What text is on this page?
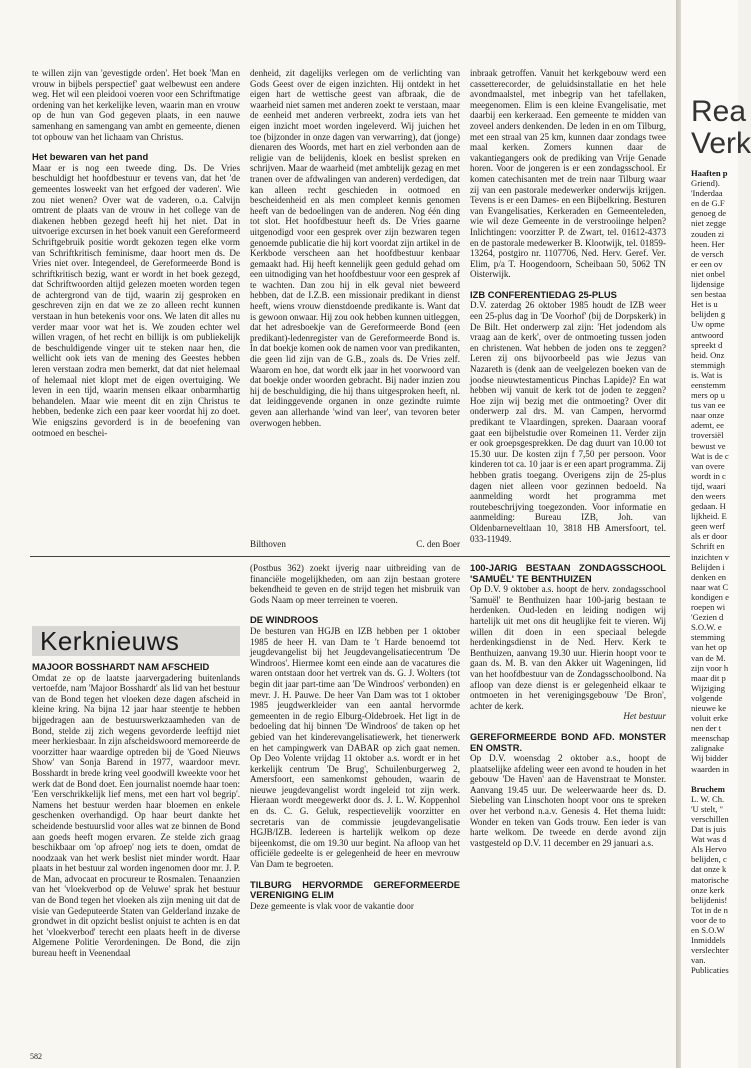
te willen zijn van 'gevestigde orden'. Het boek 'Man en vrouw in bijbels perspectief' gaat welbewust een andere weg. Het wil een pleidooi voeren voor een Schriftmatige ordening van het kerkelijke leven, waarin man en vrouw op de hun van God gegeven plaats, in een nauwe samenhang en samengang van ambt en gemeente, dienen tot opbouw van het lichaam van Christus.

Het bewaren van het pand

Maar er is nog een tweede ding. Ds. De Vries beschuldigt het hoofdbestuur er tevens van, dat het 'de gemeentes losweekt van het erfgoed der vaderen'. Wie zou niet wenen? Over wat de vaderen, o.a. Calvijn omtrent de plaats van de vrouw in het college van de diakenen hebben gezegd heeft hij het niet. Dat in uitvoerige excursen in het boek vanuit een Gereformeerd Schriftgebruik positie wordt gekozen tegen elke vorm van Schriftkritisch feminisme, daar hoort men ds. De Vries niet over. Integendeel, de Gereformeerde Bond is schriftkritisch bezig, want er wordt in het boek gezegd, dat Schriftwoorden altijd gelezen moeten worden tegen de achtergrond van de tijd, waarin zij gesproken en geschreven zijn en dat we ze zo alleen recht kunnen verstaan in hun betekenis voor ons. We laten dit alles nu verder maar voor wat het is. We zouden echter wel willen vragen, of het recht en billijk is om publiekelijk de beschuldigende vinger uit te steken naar hen, die wellicht ook iets van de mening des Geestes hebben leren verstaan zodra men bemerkt, dat dat niet helemaal of helemaal niet klopt met de eigen overtuiging. We leven in een tijd, waarin mensen elkaar onbarmhartig behandelen. Maar wie meent dit en zijn Christus te hebben, bedenke zich een paar keer voordat hij zo doet. Wie enigszins gevorderd is in de beoefening van ootmoed en beschei-

denheid, zit dagelijks verlegen om de verlichting van Gods Geest over de eigen inzichten. Hij ontdekt in het eigen hart de wettische geest van afbraak, die de waarheid niet samen met anderen zoekt te verstaan, maar de eenheid met anderen verbreekt, zodra iets van het eigen inzicht moet worden ingeleverd. Wij juichen het toe (bijzonder in onze dagen van verwarring), dat (jonge) dienaren des Woords, met hart en ziel verbonden aan de religie van de belijdenis, kloek en beslist spreken en schrijven. Maar de waarheid (met ambtelijk gezag en met tranen over de afdwalingen van anderen) verdedigen, dat kan alleen recht geschieden in ootmoed en bescheidenheid en als men compleet kennis genomen heeft van de bedoelingen van de anderen. Nog één ding tot slot. Het hoofdbestuur heeft ds. De Vries gaarne uitgenodigd voor een gesprek over zijn bezwaren tegen genoemde publicatie die hij kort voordat zijn artikel in de Kerkbode verscheen aan het hoofdbestuur kenbaar gemaakt had. Hij heeft kennelijk geen geduld gehad om een uitnodiging van het hoofdbestuur voor een gesprek af te wachten. Dan zou hij in elk geval niet beweerd hebben, dat de I.Z.B. een missionair predikant in dienst heeft, wiens vrouw dienstdoende predikante is. Want dat is gewoon onwaar. Hij zou ook hebben kunnen uitleggen, dat het adresboekje van de Gereformeerde Bond (een predikant)-ledenregister van de Gereformeerde Bond is. In dat boekje komen ook de namen voor van predikanten, die geen lid zijn van de G.B., zoals ds. De Vries zelf. Waarom en hoe, dat wordt elk jaar in het voorwoord van dat boekje onder woorden gebracht. Bij nader inzien zou hij de beschuldiging, die hij thans uitgesproken heeft, nl. dat leidinggevende organen in onze gezindte ruimte geven aan allerhande 'wind van leer', van tevoren beter overwogen hebben.

Bilthoven	C. den Boer

inbraak getroffen. Vanuit het kerkgebouw werd een cassetterecorder, de geluidsinstallatie en het hele avondmaalstel, met inbegrip van het tafellaken, meegenomen. Elim is een kleine Evangelisatie, met daarbij een kerkeraad. Een gemeente te midden van zoveel anders denkenden. De leden in en om Tilburg, met een straal van 25 km, kunnen daar zondags twee maal kerken. Zomers kunnen daar de vakantiegangers ook de prediking van Vrije Genade horen. Voor de jongeren is er een zondagsschool. Er komen catechisanten met de trein naar Tilburg waar zij van een pastorale medewerker onderwijs krijgen. Tevens is er een Dames- en een Bijbelkring. Besturen van Evangelisaties, Kerkeraden en Gemeenteleden, wie wil deze Gemeente in de verstrooiinge helpen? Inlichtingen: voorzitter P. de Zwart, tel. 01612-4373 en de pastorale medewerker B. Klootwijk, tel. 01859-13264, postgiro nr. 1107706, Ned. Herv. Geref. Ver. Elim, p/a T. Hoogendoorn, Scheibaan 50, 5062 TN Oisterwijk.

IZB CONFERENTIEDAG 25-PLUS

D.V. zaterdag 26 oktober 1985 houdt de IZB weer een 25-plus dag in 'De Voorhof' (bij de Dorpskerk) in De Bilt. Het onderwerp zal zijn: 'Het jodendom als vraag aan de kerk', over de ontmoeting tussen joden en christenen. Wat hebben de joden ons te zeggen? Leren zij ons bijvoorbeeld pas wie Jezus van Nazareth is (denk aan de veelgelezen boeken van de joodse nieuwtestamenticus Pinchas Lapide)? En wat hebben wij vanuit de kerk tot de joden te zeggen? Hoe zijn wij bezig met die ontmoeting? Over dit onderwerp zal drs. M. van Campen, hervormd predikant te Vlaardingen, spreken. Daaraan vooraf gaat een bijbelstudie over Romeinen 11. Verder zijn er ook groepsgesprekken. De dag duurt van 10.00 tot 15.30 uur. De kosten zijn f 7,50 per persoon. Voor kinderen tot ca. 10 jaar is er een apart programma. Zij hebben gratis toegang. Overigens zijn de 25-plus dagen niet alleen voor gezinnen bedoeld. Na aanmelding wordt het programma met routebeschrijving toegezonden. Voor informatie en aanmelding: Bureau IZB, Joh. van Oldenbarneveltlaan 10, 3818 HB Amersfoort, tel. 033-11949.

Kerknieuws

MAJOOR BOSSHARDT NAM AFSCHEID

Omdat ze op de laatste jaarvergadering buitenlands vertoefde, nam 'Majoor Bosshardt' als lid van het bestuur van de Bond tegen het vloeken deze dagen afscheid in kleine kring. Na bijna 12 jaar haar steentje te hebben bijgedragen aan de bestuurswerkzaamheden van de Bond, stelde zij zich wegens gevorderde leeftijd niet meer herkiesbaar. In zijn afscheidswoord memoreerde de voorzitter haar waardige optreden bij de 'Goed Nieuws Show' van Sonja Barend in 1977, waardoor mevr. Bosshardt in brede kring veel goodwill kweekte voor het werk dat de Bond doet. Een journalist noemde haar toen: 'Een verschrikkelijk lief mens, met een hart vol begrip'. Namens het bestuur werden haar bloemen en enkele geschenken overhandigd. Op haar beurt dankte het scheidende bestuurslid voor alles wat ze binnen de Bond aan goeds heeft mogen ervaren. Ze stelde zich graag beschikbaar om 'op afroep' nog iets te doen, omdat de noodzaak van het werk beslist niet minder wordt. Haar plaats in het bestuur zal worden ingenomen door mr. J. P. de Man, advocaat en procureur te Rosmalen. Tenaanzien van het 'vloekverbod op de Veluwe' sprak het bestuur van de Bond tegen het vloeken als zijn mening uit dat de visie van Gedeputeerde Staten van Gelderland inzake de grondwet in dit opzicht beslist onjuist te achten is en dat het 'vloekverbod' terecht een plaats heeft in de diverse Algemene Politie Verordeningen. De Bond, die zijn bureau heeft in Veenendaal

(Postbus 362) zoekt ijverig naar uitbreiding van de financiële mogelijkheden, om aan zijn bestaan grotere bekendheid te geven en de strijd tegen het misbruik van Gods Naam op meer terreinen te voeren.

DE WINDROOS

De besturen van HGJB en IZB hebben per 1 oktober 1985 de heer H. van Dam te 't Harde benoemd tot jeugdevangelist bij het Jeugdevangelisatiecentrum 'De Windroos'. Hiermee komt een einde aan de vacatures die waren ontstaan door het vertrek van ds. G. J. Wolters (tot begin dit jaar part-time aan 'De Windroos' verbonden) en mevr. J. H. Pauwe. De heer Van Dam was tot 1 oktober 1985 jeugdwerkleider van een aantal hervormde gemeenten in de regio Elburg-Oldebroek. Het ligt in de bedoeling dat hij binnen 'De Windroos' de taken op het gebied van het kinderevangelisatiewerk, het tienerwerk en het campingwerk van DABAR op zich gaat nemen. Op Deo Volente vrijdag 11 oktober a.s. wordt er in het kerkelijk centrum 'De Brug', Schuilenburgerweg 2, Amersfoort, een samenkomst gehouden, waarin de nieuwe jeugdevangelist wordt ingeleid tot zijn werk. Hieraan wordt meegewerkt door ds. J. L. W. Koppenhol en ds. C. G. Geluk, respectievelijk voorzitter en secretaris van de commissie jeugdevangelisatie HGJB/IZB. Iedereen is hartelijk welkom op deze bijeenkomst, die om 19.30 uur begint. Na afloop van het officiële gedeelte is er gelegenheid de heer en mevrouw Van Dam te begroeten.

TILBURG HERVORMDE GEREFORMEERDE VERENIGING ELIM

Deze gemeente is vlak voor de vakantie door

100-JARIG BESTAAN ZONDAGSSCHOOL 'SAMUËL' TE BENTHUIZEN

Op D.V. 9 oktober a.s. hoopt de herv. zondagsschool 'Samuël' te Benthuizen haar 100-jarig bestaan te herdenken. Oud-leden en leiding nodigen wij hartelijk uit met ons dit heuglijke feit te vieren. Wij willen dit doen in een speciaal belegde herdenkingsdienst in de Ned. Herv. Kerk te Benthuizen, aanvang 19.30 uur. Hierin hoopt voor te gaan ds. M. B. van den Akker uit Wageningen, lid van het hoofdbestuur van de Zondagsschoolbond. Na afloop van deze dienst is er gelegenheid elkaar te ontmoeten in het verenigingsgebouw 'De Bron', achter de kerk.

Het bestuur

GEREFORMEERDE BOND AFD. MONSTER EN OMSTR.

Op D.V. woensdag 2 oktober a.s., hoopt de plaatselijke afdeling weer een avond te houden in het gebouw 'De Haven' aan de Havenstraat te Monster. Aanvang 19.45 uur. De weleerwaarde heer ds. D. Siebeling van Linschoten hoopt voor ons te spreken over het verbond n.a.v. Genesis 4. Het thema luidt: Wonder en teken van Gods trouw. Een ieder is van harte welkom. De tweede en derde avond zijn vastgesteld op D.V. 11 december en 29 januari a.s.

582
Rea
Verk

Haaften p

Griend).

'Inderdaa

en de G.F

genoeg de

niet zegge

zouden zi

heen. Her

de versch

er een ov

niet onbel

lijdensige

sen bestaa

Het is u

belijden g

Uw opme

antwoord

spreekt d

heid. Onz

stemmigh

is. Wat is

eenstemm

mers op u

tus van ee

naar onze

ademt, ee

troversiël

bewust ve

Wat is de c

van overe

wordt in c

tijd, waari

den weers

gedaan. H

lijkheid. E

geen werf

als er door

Schrift en

inzichten v

Belijden i

denken en

naar wat C

kondigen e

roepen wi

'Gezien d

S.O.W. e

stemming

van het op

van de M.

zijn voor h

maar dit p

Wijziging

volgende

nieuwe ke

voluit erke

nen der t

meenschap

zalignake

Wij bidder

waarden in

Bruchem

L. W. Ch.

'U stelt, "

verschillen

Dat is juis

Wat was d

Als Hervo

belijden, c

dat onze k

matorische

onze kerk

belijdenis!

Tot in de n

voor de to

en S.O.W

Inmiddels

verslechter

van.

Publicaties
